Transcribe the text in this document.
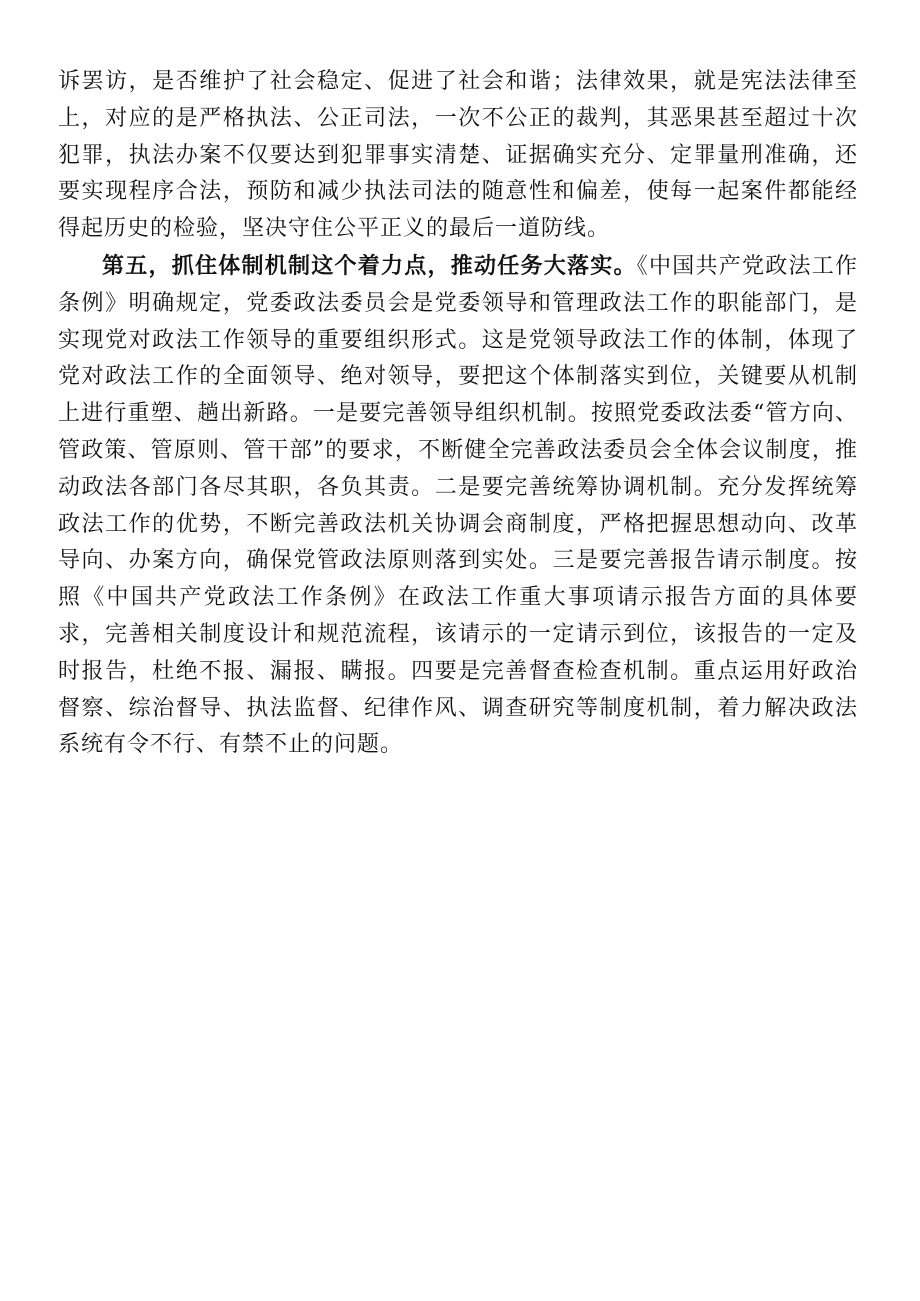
诉罢访，是否维护了社会稳定、促进了社会和谐；法律效果，就是宪法法律至上，对应的是严格执法、公正司法，一次不公正的裁判，其恶果甚至超过十次犯罪，执法办案不仅要达到犯罪事实清楚、证据确实充分、定罪量刑准确，还要实现程序合法，预防和减少执法司法的随意性和偏差，使每一起案件都能经得起历史的检验，坚决守住公平正义的最后一道防线。

第五，抓住体制机制这个着力点，推动任务大落实。《中国共产党政法工作条例》明确规定，党委政法委员会是党委领导和管理政法工作的职能部门，是实现党对政法工作领导的重要组织形式。这是党领导政法工作的体制，体现了党对政法工作的全面领导、绝对领导，要把这个体制落实到位，关键要从机制上进行重塑、趟出新路。一是要完善领导组织机制。按照党委政法委“管方向、管政策、管原则、管干部”的要求，不断健全完善政法委员会全体会议制度，推动政法各部门各尽其职，各负其责。二是要完善统筹协调机制。充分发挥统筹政法工作的优势，不断完善政法机关协调会商制度，严格把握思想动向、改革导向、办案方向，确保党管政法原则落到实处。三是要完善报告请示制度。按照《中国共产党政法工作条例》在政法工作重大事项请示报告方面的具体要求，完善相关制度设计和规范流程，该请示的一定请示到位，该报告的一定及时报告，杜绝不报、漏报、瞒报。四要是完善督查检查机制。重点运用好政治督察、综治督导、执法监督、纪律作风、调查研究等制度机制，着力解决政法系统有令不行、有禁不止的问题。
